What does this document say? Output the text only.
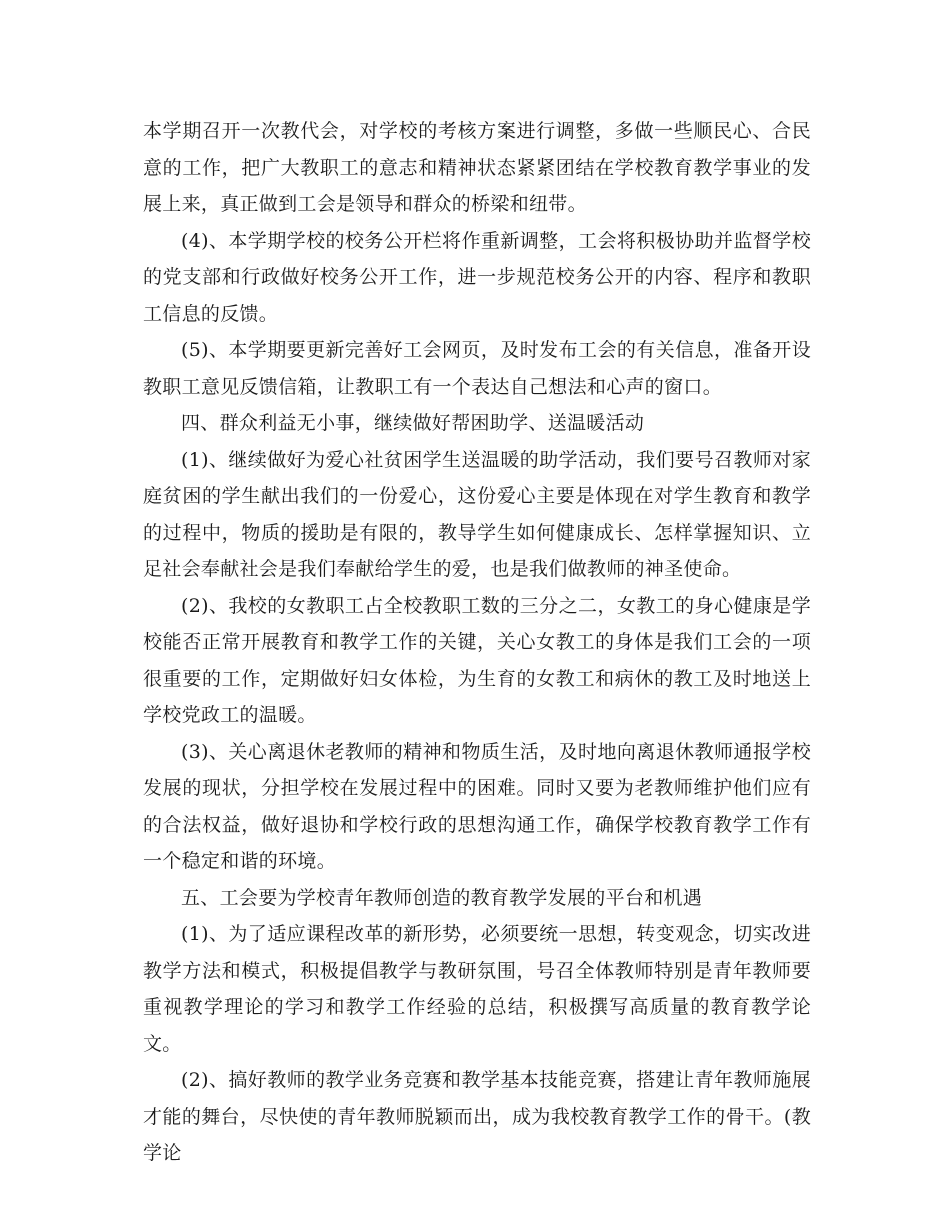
本学期召开一次教代会，对学校的考核方案进行调整，多做一些顺民心、合民意的工作，把广大教职工的意志和精神状态紧紧团结在学校教育教学事业的发展上来，真正做到工会是领导和群众的桥梁和纽带。

(4)、本学期学校的校务公开栏将作重新调整，工会将积极协助并监督学校的党支部和行政做好校务公开工作，进一步规范校务公开的内容、程序和教职工信息的反馈。

(5)、本学期要更新完善好工会网页，及时发布工会的有关信息，准备开设教职工意见反馈信箱，让教职工有一个表达自己想法和心声的窗口。

四、群众利益无小事，继续做好帮困助学、送温暖活动

(1)、继续做好为爱心社贫困学生送温暖的助学活动，我们要号召教师对家庭贫困的学生献出我们的一份爱心，这份爱心主要是体现在对学生教育和教学的过程中，物质的援助是有限的，教导学生如何健康成长、怎样掌握知识、立足社会奉献社会是我们奉献给学生的爱，也是我们做教师的神圣使命。

(2)、我校的女教职工占全校教职工数的三分之二，女教工的身心健康是学校能否正常开展教育和教学工作的关键，关心女教工的身体是我们工会的一项很重要的工作，定期做好妇女体检，为生育的女教工和病休的教工及时地送上学校党政工的温暖。

(3)、关心离退休老教师的精神和物质生活，及时地向离退休教师通报学校发展的现状，分担学校在发展过程中的困难。同时又要为老教师维护他们应有的合法权益，做好退协和学校行政的思想沟通工作，确保学校教育教学工作有一个稳定和谐的环境。

五、工会要为学校青年教师创造的教育教学发展的平台和机遇

(1)、为了适应课程改革的新形势，必须要统一思想，转变观念，切实改进教学方法和模式，积极提倡教学与教研氛围，号召全体教师特别是青年教师要重视教学理论的学习和教学工作经验的总结，积极撰写高质量的教育教学论文。

(2)、搞好教师的教学业务竞赛和教学基本技能竞赛，搭建让青年教师施展才能的舞台，尽快使的青年教师脱颖而出，成为我校教育教学工作的骨干。(教学论
